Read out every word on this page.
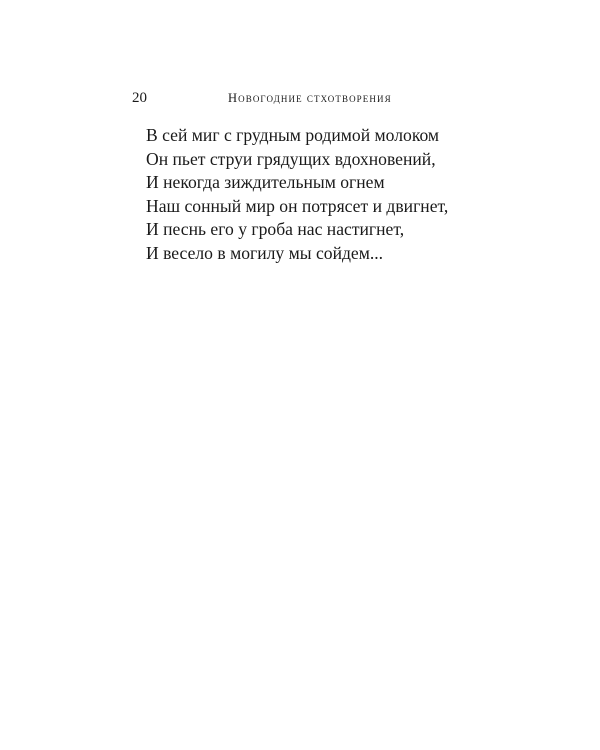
20	Новогодние стхотворения
В сей миг с грудным родимой молоком
Он пьет струи грядущих вдохновений,
И некогда зиждительным огнем
Наш сонный мир он потрясет и двигнет,
И песнь его у гроба нас настигнет,
И весело в могилу мы сойдем...
